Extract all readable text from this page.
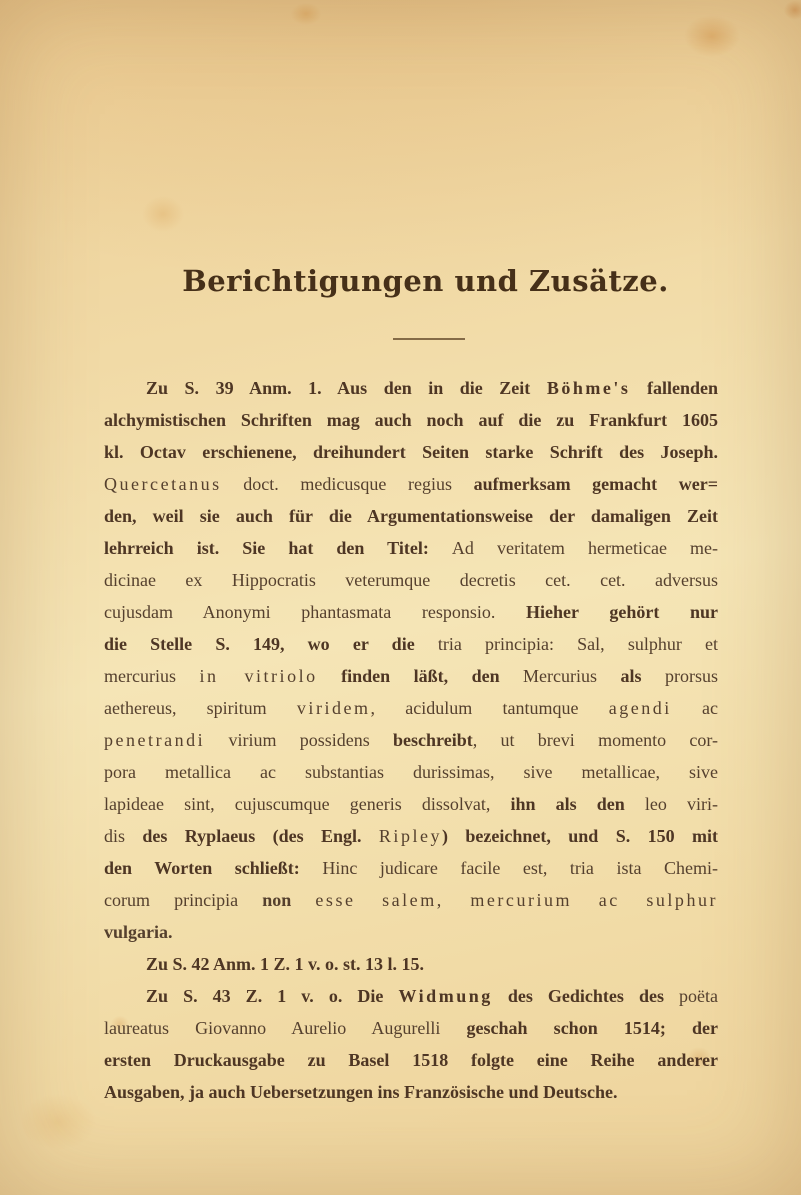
Berichtigungen und Zusätze.
Zu S. 39 Anm. 1. Aus den in die Zeit Böhme's fallenden
alchymistischen Schriften mag auch noch auf die zu Frankfurt 1605
kl. Octav erschienene, dreihundert Seiten starke Schrift des Joseph.
Quercetanus doct. medicusque regius aufmerksam gemacht wer=
den, weil sie auch für die Argumentationsweise der damaligen Zeit
lehrreich ist. Sie hat den Titel: Ad veritatem hermeticae me-
dicinae ex Hippocratis veterumque decretis cet. cet. adversus
cujusdam Anonymi phantasmata responsio. Hieher gehört nur
die Stelle S. 149, wo er die tria principia: Sal, sulphur et
mercurius in vitriolo finden läßt, den Mercurius als prorsus
aethereus, spiritum viridem, acidulum tantumque agendi ac
penetrandi virium possidens beschreibt, ut brevi momento cor-
pora metallica ac substantias durissimas, sive metallicae, sive
lapideae sint, cujuscumque generis dissolvat, ihn als den leo viri-
dis des Ryplaeus (des Engl. Ripley) bezeichnet, und S. 150 mit
den Worten schließt: Hinc judicare facile est, tria ista Chemi-
corum principia non esse salem, mercurium ac sulphur
vulgaria.
Zu S. 42 Anm. 1 Z. 1 v. o. st. 13 l. 15.
Zu S. 43 Z. 1 v. o. Die Widmung des Gedichtes des poëta
laureatus Giovanno Aurelio Augurelli geschah schon 1514; der
ersten Druckausgabe zu Basel 1518 folgte eine Reihe anderer
Ausgaben, ja auch Uebersetzungen ins Französische und Deutsche.
